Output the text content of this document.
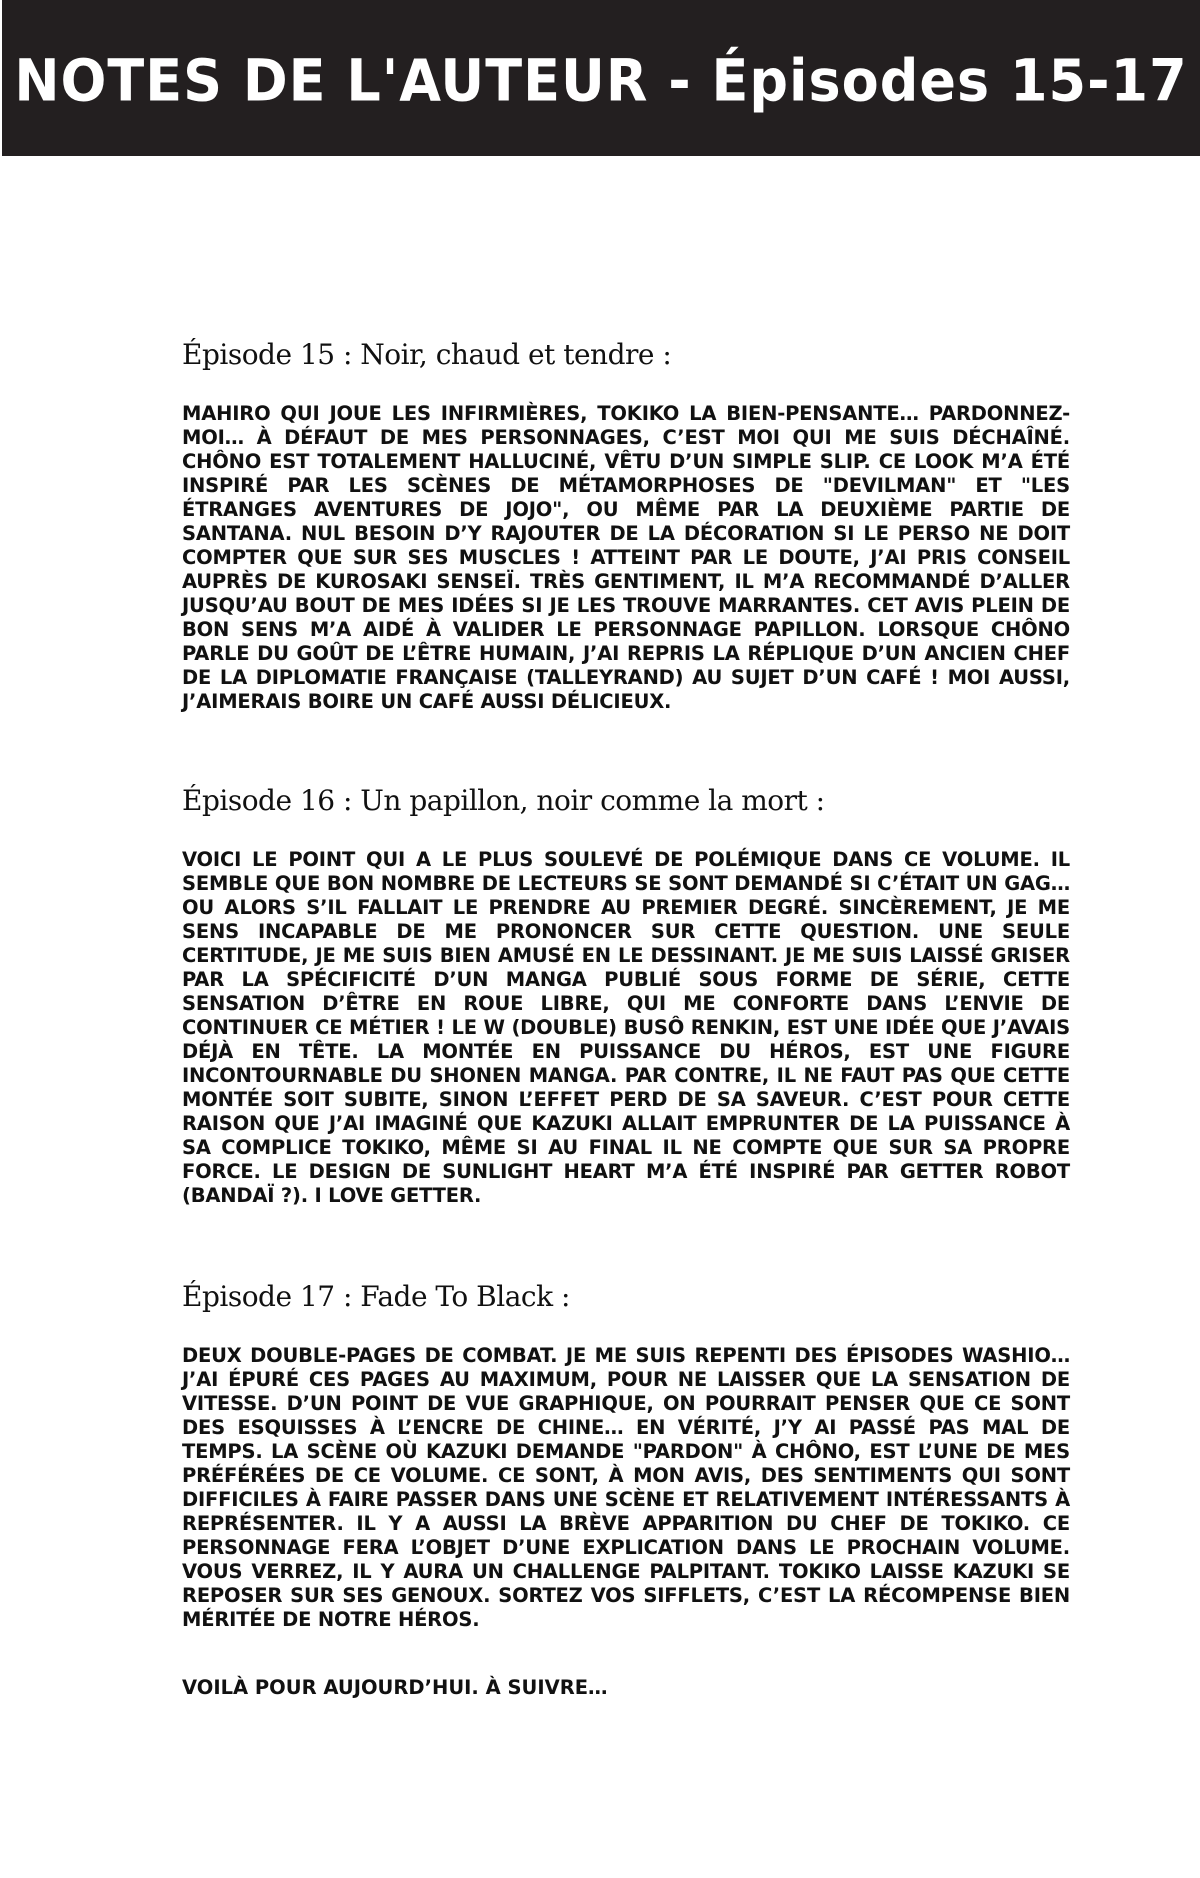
NOTES DE L'AUTEUR - Épisodes 15-17
Épisode 15 : Noir, chaud et tendre :

MAHIRO QUI JOUE LES INFIRMIÈRES, TOKIKO LA BIEN-PENSANTE… PARDONNEZ-MOI… À DÉFAUT DE MES PERSONNAGES, C’EST MOI QUI ME SUIS DÉCHAÎNÉ. CHÔNO EST TOTALEMENT HALLUCINÉ, VÊTU D’UN SIMPLE SLIP. CE LOOK M’A ÉTÉ INSPIRÉ PAR LES SCÈNES DE MÉTAMORPHOSES DE "DEVILMAN" ET "LES ÉTRANGES AVENTURES DE JOJO", OU MÊME PAR LA DEUXIÈME PARTIE DE SANTANA. NUL BESOIN D’Y RAJOUTER DE LA DÉCORATION SI LE PERSO NE DOIT COMPTER QUE SUR SES MUSCLES ! ATTEINT PAR LE DOUTE, J’AI PRIS CONSEIL AUPRÈS DE KUROSAKI SENSEÏ. TRÈS GENTIMENT, IL M’A RECOMMANDÉ D’ALLER JUSQU’AU BOUT DE MES IDÉES SI JE LES TROUVE MARRANTES. CET AVIS PLEIN DE BON SENS M’A AIDÉ À VALIDER LE PERSONNAGE PAPILLON. LORSQUE CHÔNO PARLE DU GOÛT DE L’ÊTRE HUMAIN, J’AI REPRIS LA RÉPLIQUE D’UN ANCIEN CHEF DE LA DIPLOMATIE FRANÇAISE (TALLEYRAND) AU SUJET D’UN CAFÉ ! MOI AUSSI, J’AIMERAIS BOIRE UN CAFÉ AUSSI DÉLICIEUX.

Épisode 16 : Un papillon, noir comme la mort :

VOICI LE POINT QUI A LE PLUS SOULEVÉ DE POLÉMIQUE DANS CE VOLUME. IL SEMBLE QUE BON NOMBRE DE LECTEURS SE SONT DEMANDÉ SI C’ÉTAIT UN GAG… OU ALORS S’IL FALLAIT LE PRENDRE AU PREMIER DEGRÉ. SINCÈREMENT, JE ME SENS INCAPABLE DE ME PRONONCER SUR CETTE QUESTION. UNE SEULE CERTITUDE, JE ME SUIS BIEN AMUSÉ EN LE DESSINANT. JE ME SUIS LAISSÉ GRISER PAR LA SPÉCIFICITÉ D’UN MANGA PUBLIÉ SOUS FORME DE SÉRIE, CETTE SENSATION D’ÊTRE EN ROUE LIBRE, QUI ME CONFORTE DANS L’ENVIE DE CONTINUER CE MÉTIER ! LE W (DOUBLE) BUSÔ RENKIN, EST UNE IDÉE QUE J’AVAIS DÉJÀ EN TÊTE. LA MONTÉE EN PUISSANCE DU HÉROS, EST UNE FIGURE INCONTOURNABLE DU SHONEN MANGA. PAR CONTRE, IL NE FAUT PAS QUE CETTE MONTÉE SOIT SUBITE, SINON L’EFFET PERD DE SA SAVEUR. C’EST POUR CETTE RAISON QUE J’AI IMAGINÉ QUE KAZUKI ALLAIT EMPRUNTER DE LA PUISSANCE À SA COMPLICE TOKIKO, MÊME SI AU FINAL IL NE COMPTE QUE SUR SA PROPRE FORCE. LE DESIGN DE SUNLIGHT HEART M’A ÉTÉ INSPIRÉ PAR GETTER ROBOT (BANDAÏ ?). I LOVE GETTER.

Épisode 17 : Fade To Black :

DEUX DOUBLE-PAGES DE COMBAT. JE ME SUIS REPENTI DES ÉPISODES WASHIO… J’AI ÉPURÉ CES PAGES AU MAXIMUM, POUR NE LAISSER QUE LA SENSATION DE VITESSE. D’UN POINT DE VUE GRAPHIQUE, ON POURRAIT PENSER QUE CE SONT DES ESQUISSES À L’ENCRE DE CHINE… EN VÉRITÉ, J’Y AI PASSÉ PAS MAL DE TEMPS. LA SCÈNE OÙ KAZUKI DEMANDE "PARDON" À CHÔNO, EST L’UNE DE MES PRÉFÉRÉES DE CE VOLUME. CE SONT, À MON AVIS, DES SENTIMENTS QUI SONT DIFFICILES À FAIRE PASSER DANS UNE SCÈNE ET RELATIVEMENT INTÉRESSANTS À REPRÉSENTER. IL Y A AUSSI LA BRÈVE APPARITION DU CHEF DE TOKIKO. CE PERSONNAGE FERA L’OBJET D’UNE EXPLICATION DANS LE PROCHAIN VOLUME. VOUS VERREZ, IL Y AURA UN CHALLENGE PALPITANT. TOKIKO LAISSE KAZUKI SE REPOSER SUR SES GENOUX. SORTEZ VOS SIFFLETS, C’EST LA RÉCOMPENSE BIEN MÉRITÉE DE NOTRE HÉROS.

VOILÀ POUR AUJOURD’HUI. À SUIVRE…
